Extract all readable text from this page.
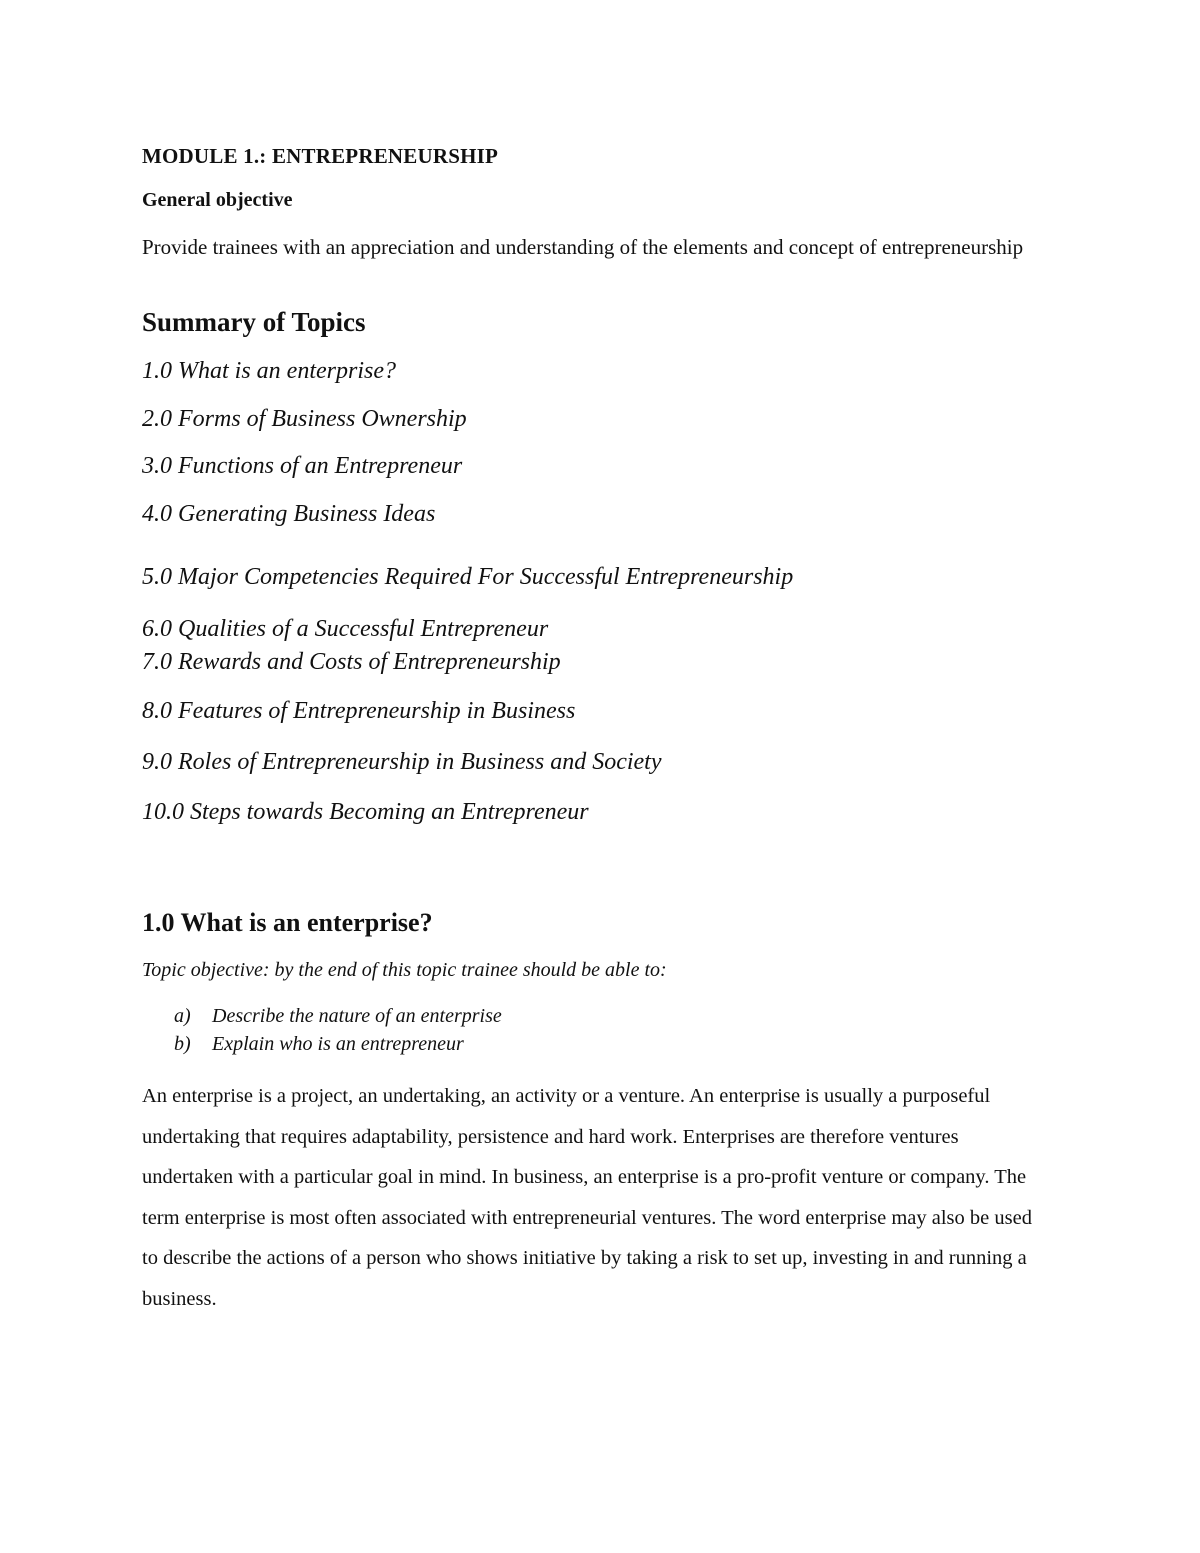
MODULE 1.: ENTREPRENEURSHIP

General objective

Provide trainees with an appreciation and understanding of the elements and concept of entrepreneurship

Summary of Topics

1.0 What is an enterprise?

2.0 Forms of Business Ownership

3.0 Functions of an Entrepreneur

4.0 Generating Business Ideas

5.0 Major Competencies Required For Successful Entrepreneurship

6.0 Qualities of a Successful Entrepreneur

7.0 Rewards and Costs of Entrepreneurship

8.0 Features of Entrepreneurship in Business

9.0 Roles of Entrepreneurship in Business and Society

10.0 Steps towards Becoming an Entrepreneur

1.0 What is an enterprise?

Topic objective: by the end of this topic trainee should be able to:

a) Describe the nature of an enterprise

b) Explain who is an entrepreneur

An enterprise is a project, an undertaking, an activity or a venture. An enterprise is usually a purposeful undertaking that requires adaptability, persistence and hard work. Enterprises are therefore ventures undertaken with a particular goal in mind. In business, an enterprise is a pro-profit venture or company. The term enterprise is most often associated with entrepreneurial ventures. The word enterprise may also be used to describe the actions of a person who shows initiative by taking a risk to set up, investing in and running a business.
